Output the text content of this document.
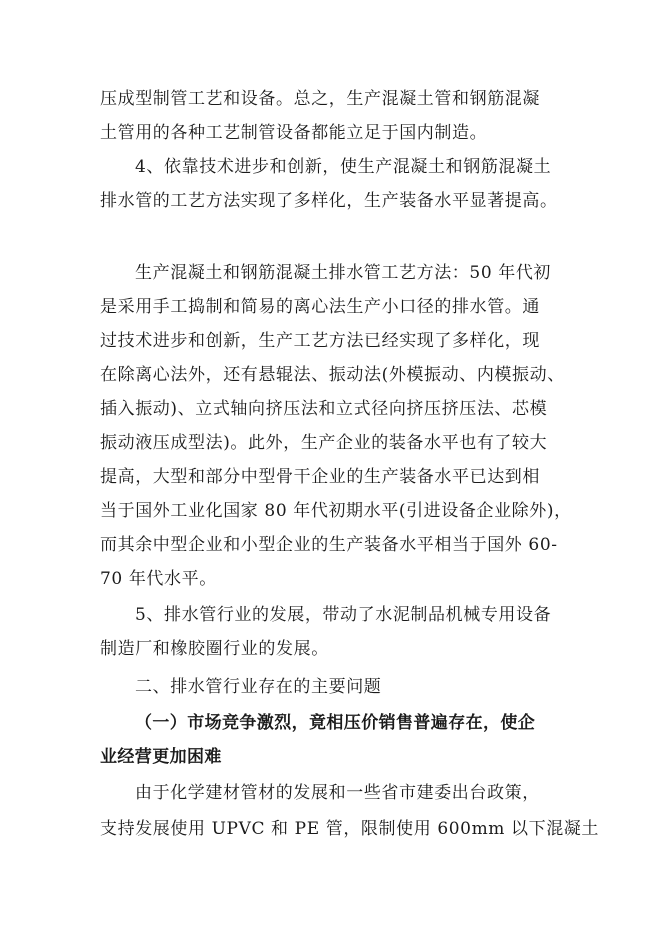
压成型制管工艺和设备。总之，生产混凝土管和钢筋混凝
土管用的各种工艺制管设备都能立足于国内制造。
4、依靠技术进步和创新，使生产混凝土和钢筋混凝土
排水管的工艺方法实现了多样化，生产装备水平显著提高。
生产混凝土和钢筋混凝土排水管工艺方法：50 年代初
是采用手工捣制和简易的离心法生产小口径的排水管。通
过技术进步和创新，生产工艺方法已经实现了多样化，现
在除离心法外，还有悬辊法、振动法(外模振动、内模振动、
插入振动)、立式轴向挤压法和立式径向挤压挤压法、芯模
振动液压成型法)。此外，生产企业的装备水平也有了较大
提高，大型和部分中型骨干企业的生产装备水平已达到相
当于国外工业化国家 80 年代初期水平(引进设备企业除外)，
而其余中型企业和小型企业的生产装备水平相当于国外 60-
70 年代水平。
5、排水管行业的发展，带动了水泥制品机械专用设备
制造厂和橡胶圈行业的发展。
二、排水管行业存在的主要问题
（一）市场竞争激烈，竟相压价销售普遍存在，使企
业经营更加困难
由于化学建材管材的发展和一些省市建委出台政策，
支持发展使用 UPVC 和 PE 管，限制使用 600mm 以下混凝土
